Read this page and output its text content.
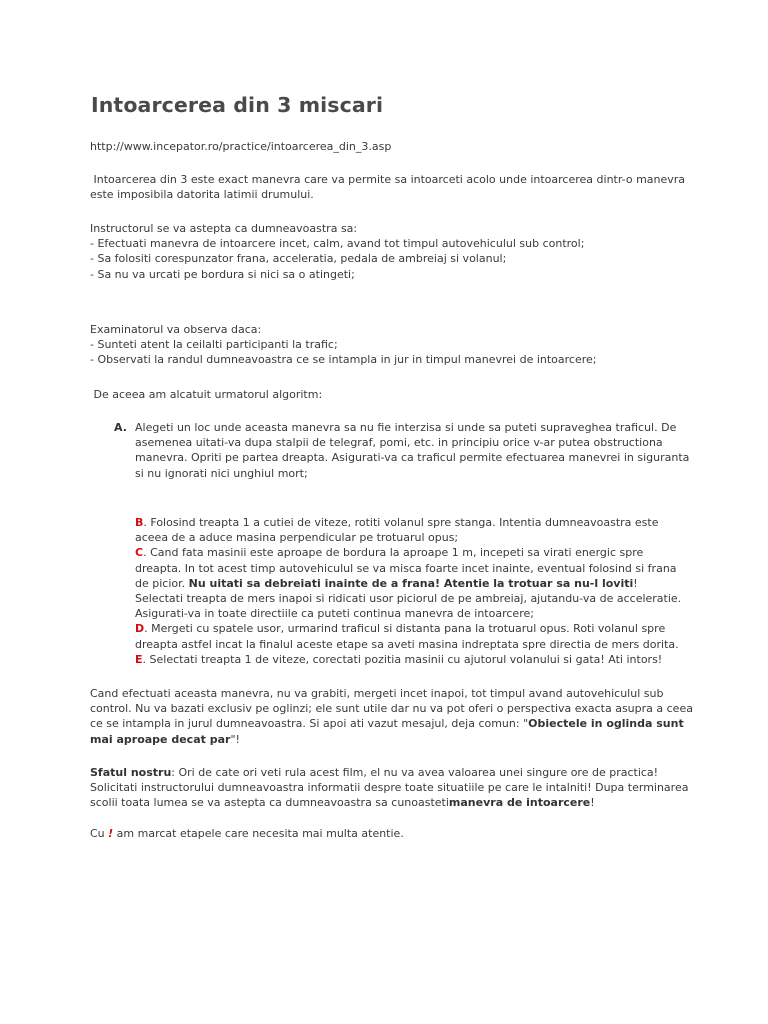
Intoarcerea din 3 miscari

http://www.incepator.ro/practice/intoarcerea_din_3.asp

Intoarcerea din 3 este exact manevra care va permite sa intoarceti acolo unde intoarcerea dintr-o manevra
este imposibila datorita latimii drumului.

Instructorul se va astepta ca dumneavoastra sa:
- Efectuati manevra de intoarcere incet, calm, avand tot timpul autovehiculul sub control;
- Sa folositi corespunzator frana, acceleratia, pedala de ambreiaj si volanul;
- Sa nu va urcati pe bordura si nici sa o atingeti;

Examinatorul va observa daca:
- Sunteti atent la ceilalti participanti la trafic;
- Observati la randul dumneavoastra ce se intampla in jur in timpul manevrei de intoarcere;

De aceea am alcatuit urmatorul algoritm:

A. Alegeti un loc unde aceasta manevra sa nu fie interzisa si unde sa puteti supraveghea traficul. De
asemenea uitati-va dupa stalpii de telegraf, pomi, etc. in principiu orice v-ar putea obstructiona
manevra. Opriti pe partea dreapta. Asigurati-va ca traficul permite efectuarea manevrei in siguranta
si nu ignorati nici unghiul mort;

B. Folosind treapta 1 a cutiei de viteze, rotiti volanul spre stanga. Intentia dumneavoastra este
aceea de a aduce masina perpendicular pe trotuarul opus;
C. Cand fata masinii este aproape de bordura la aproape 1 m, incepeti sa virati energic spre
dreapta. In tot acest timp autovehiculul se va misca foarte incet inainte, eventual folosind si frana
de picior. Nu uitati sa debreiati inainte de a frana! Atentie la trotuar sa nu-l loviti!
Selectati treapta de mers inapoi si ridicati usor piciorul de pe ambreiaj, ajutandu-va de acceleratie.
Asigurati-va in toate directiile ca puteti continua manevra de intoarcere;
D. Mergeti cu spatele usor, urmarind traficul si distanta pana la trotuarul opus. Roti volanul spre
dreapta astfel incat la finalul aceste etape sa aveti masina indreptata spre directia de mers dorita.
E. Selectati treapta 1 de viteze, corectati pozitia masinii cu ajutorul volanului si gata! Ati intors!

Cand efectuati aceasta manevra, nu va grabiti, mergeti incet inapoi, tot timpul avand autovehiculul sub
control. Nu va bazati exclusiv pe oglinzi; ele sunt utile dar nu va pot oferi o perspectiva exacta asupra a ceea
ce se intampla in jurul dumneavoastra. Si apoi ati vazut mesajul, deja comun: "Obiectele in oglinda sunt
mai aproape decat par"!

Sfatul nostru: Ori de cate ori veti rula acest film, el nu va avea valoarea unei singure ore de practica!
Solicitati instructorului dumneavoastra informatii despre toate situatiile pe care le intalniti! Dupa terminarea
scolii toata lumea se va astepta ca dumneavoastra sa cunoastetimanevra de intoarcere!

Cu ! am marcat etapele care necesita mai multa atentie.
